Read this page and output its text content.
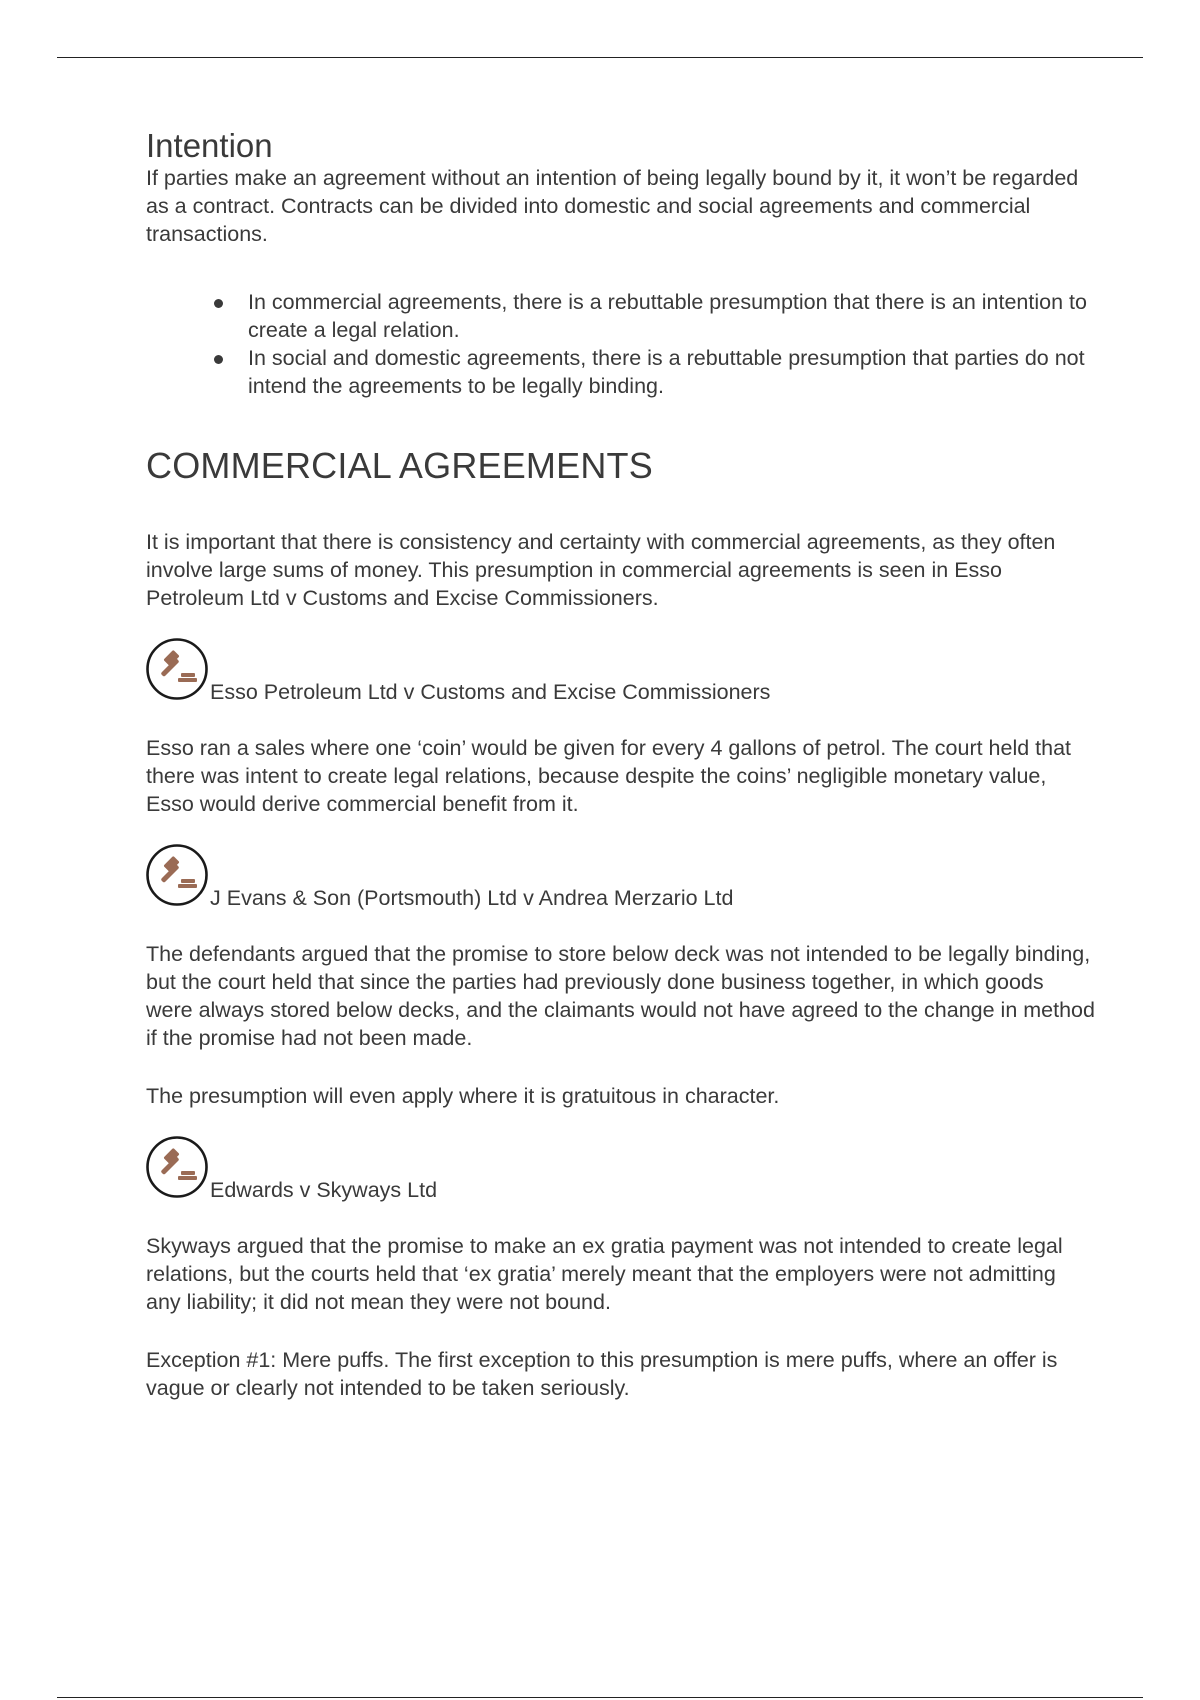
Intention

If parties make an agreement without an intention of being legally bound by it, it won’t be regarded as a contract. Contracts can be divided into domestic and social agreements and commercial transactions.

In commercial agreements, there is a rebuttable presumption that there is an intention to create a legal relation.
In social and domestic agreements, there is a rebuttable presumption that parties do not intend the agreements to be legally binding.
COMMERCIAL AGREEMENTS

It is important that there is consistency and certainty with commercial agreements, as they often involve large sums of money. This presumption in commercial agreements is seen in Esso Petroleum Ltd v Customs and Excise Commissioners.

Esso Petroleum Ltd v Customs and Excise Commissioners

Esso ran a sales where one ‘coin’ would be given for every 4 gallons of petrol. The court held that there was intent to create legal relations, because despite the coins’ negligible monetary value, Esso would derive commercial benefit from it.

J Evans & Son (Portsmouth) Ltd v Andrea Merzario Ltd

The defendants argued that the promise to store below deck was not intended to be legally binding, but the court held that since the parties had previously done business together, in which goods were always stored below decks, and the claimants would not have agreed to the change in method if the promise had not been made.

The presumption will even apply where it is gratuitous in character.

Edwards v Skyways Ltd

Skyways argued that the promise to make an ex gratia payment was not intended to create legal relations, but the courts held that ‘ex gratia’ merely meant that the employers were not admitting any liability; it did not mean they were not bound.

Exception #1: Mere puffs. The first exception to this presumption is mere puffs, where an offer is vague or clearly not intended to be taken seriously.
